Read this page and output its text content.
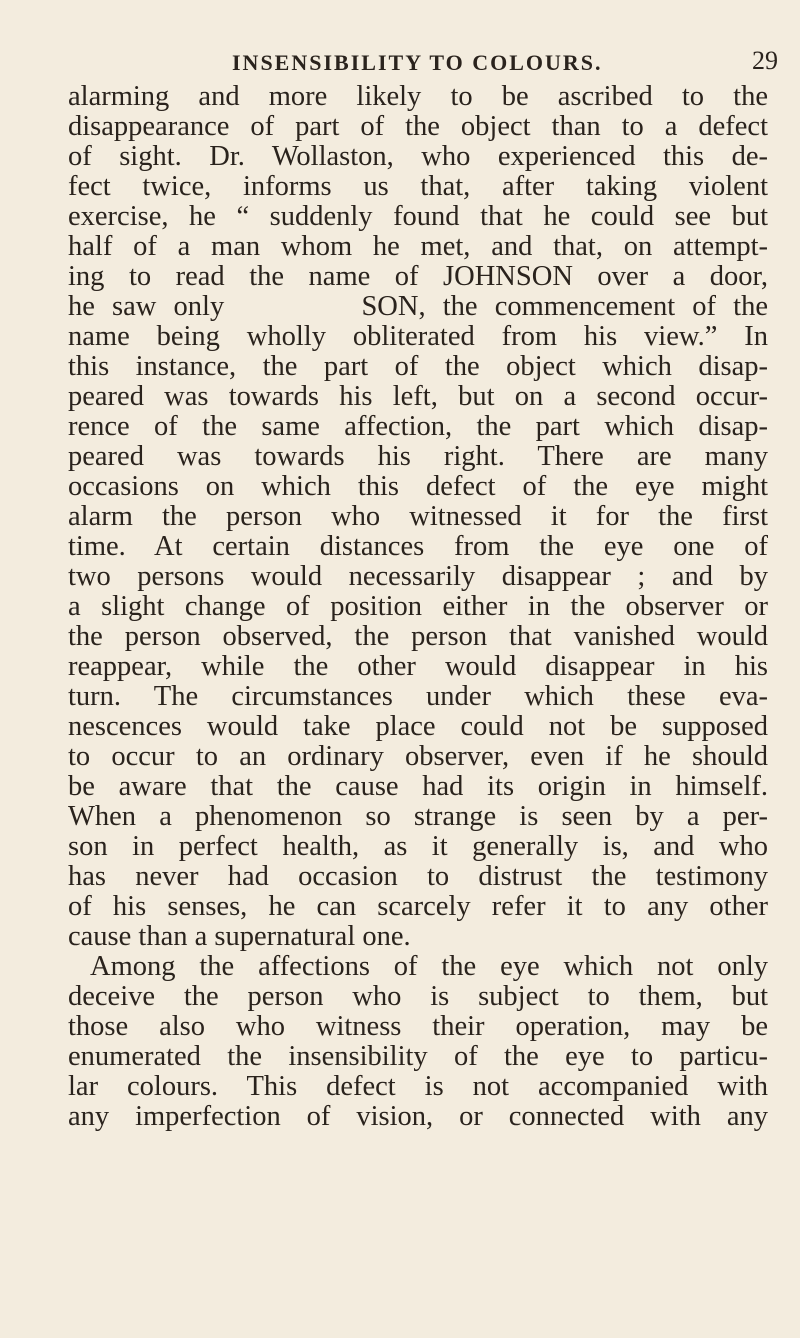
INSENSIBILITY TO COLOURS.	29
alarming and more likely to be ascribed to the
disappearance of part of the object than to a defect
of sight. Dr. Wollaston, who experienced this de-
fect twice, informs us that, after taking violent
exercise, he “ suddenly found that he could see but
half of a man whom he met, and that, on attempt-
ing to read the name of JOHNSON over a door,
he saw only        SON, the commencement of the
name being wholly obliterated from his view.” In
this instance, the part of the object which disap-
peared was towards his left, but on a second occur-
rence of the same affection, the part which disap-
peared was towards his right. There are many
occasions on which this defect of the eye might
alarm the person who witnessed it for the first
time. At certain distances from the eye one of
two persons would necessarily disappear ; and by
a slight change of position either in the observer or
the person observed, the person that vanished would
reappear, while the other would disappear in his
turn. The circumstances under which these eva-
nescences would take place could not be supposed
to occur to an ordinary observer, even if he should
be aware that the cause had its origin in himself.
When a phenomenon so strange is seen by a per-
son in perfect health, as it generally is, and who
has never had occasion to distrust the testimony
of his senses, he can scarcely refer it to any other
cause than a supernatural one.
Among the affections of the eye which not only
deceive the person who is subject to them, but
those also who witness their operation, may be
enumerated the insensibility of the eye to particu-
lar colours. This defect is not accompanied with
any imperfection of vision, or connected with any
